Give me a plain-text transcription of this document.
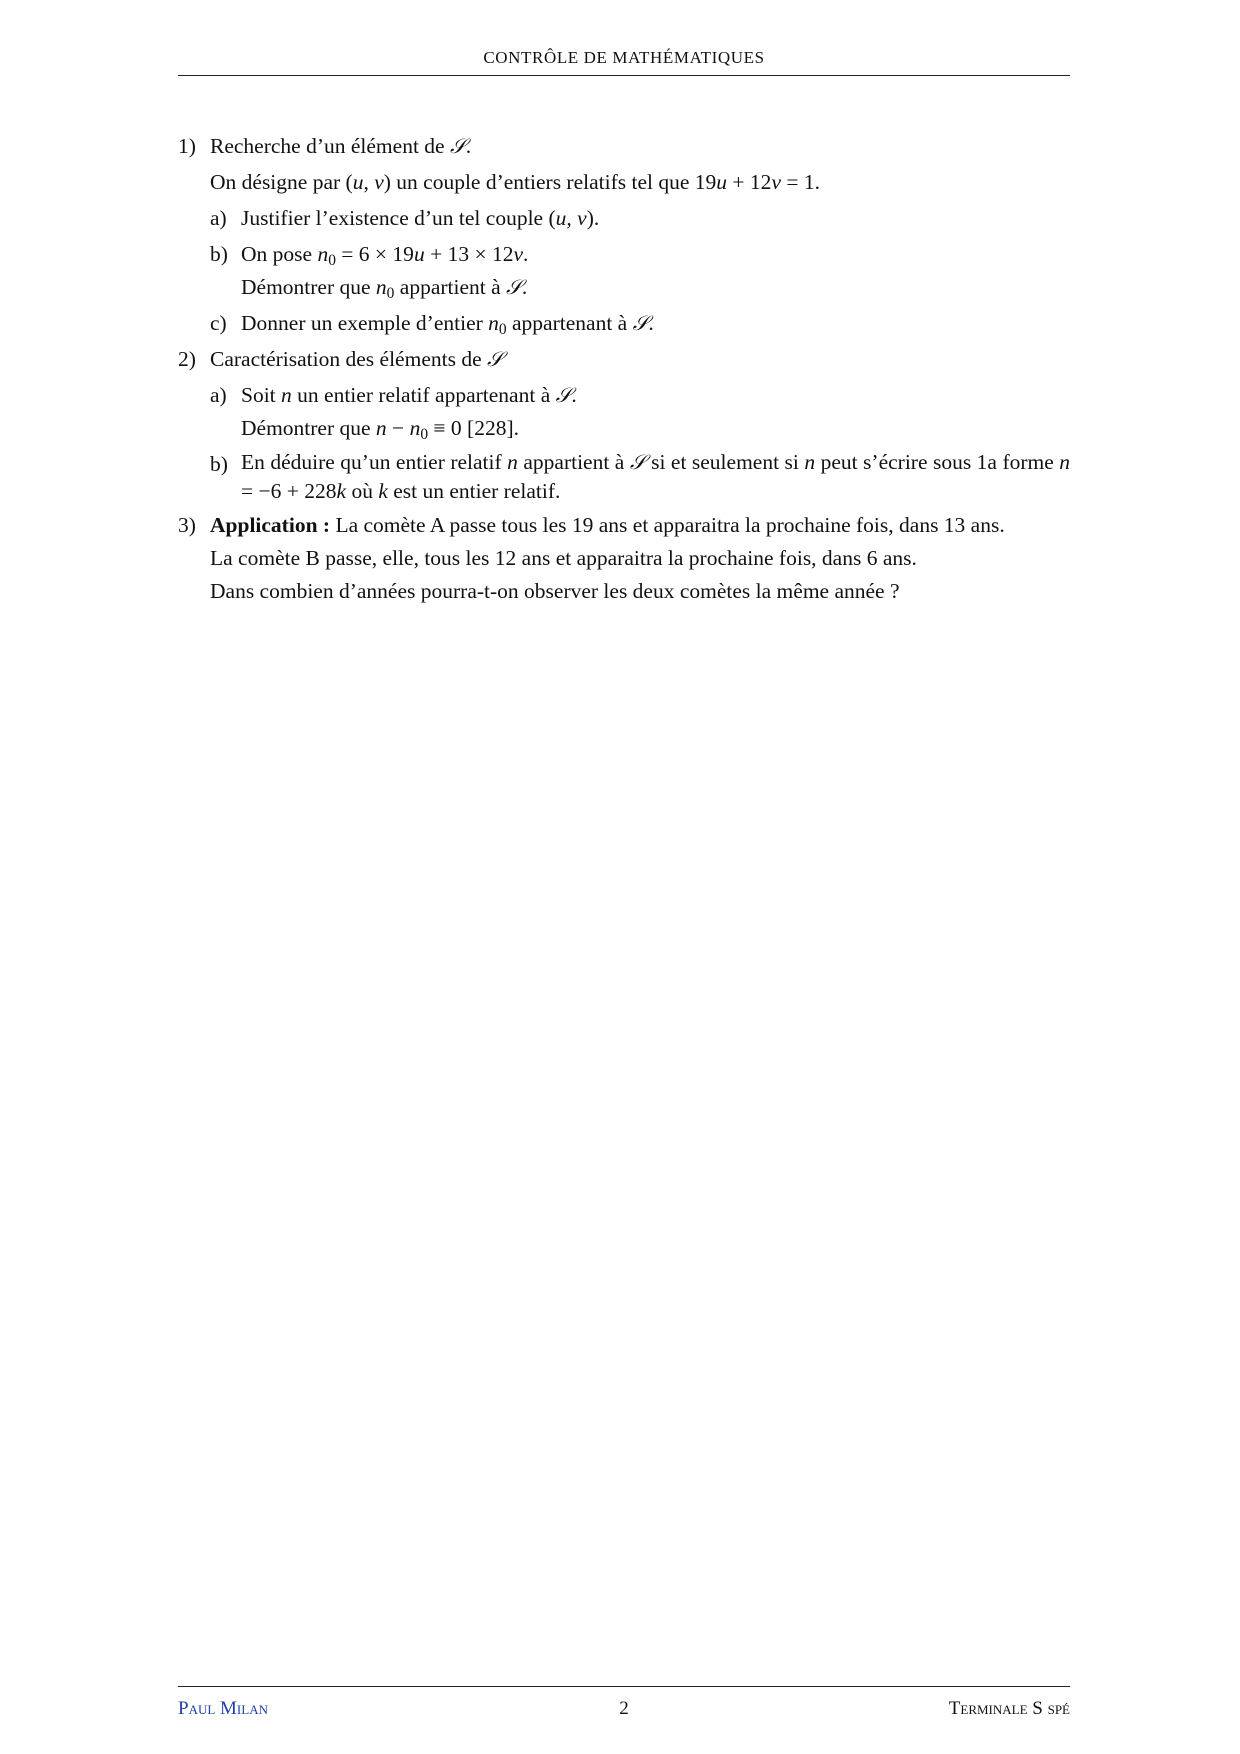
CONTRÔLE DE MATHÉMATIQUES
1) Recherche d’un élément de 𝒮.
On désigne par (u, v) un couple d’entiers relatifs tel que 19u + 12v = 1.
a) Justifier l’existence d’un tel couple (u, v).
b) On pose $n_0 = 6 \times 19u + 13 \times 12v$.
Démontrer que $n_0$ appartient à 𝒮.
c) Donner un exemple d’entier $n_0$ appartenant à 𝒮.
2) Caractérisation des éléments de 𝒮
a) Soit n un entier relatif appartenant à 𝒮.
Démontrer que $n - n_0 \equiv 0$ [228].
b) En déduire qu’un entier relatif n appartient à 𝒮 si et seulement si n peut s’écrire sous 1a forme n = −6 + 228k où k est un entier relatif.
3) Application : La comète A passe tous les 19 ans et apparaitra la prochaine fois, dans 13 ans.
La comète B passe, elle, tous les 12 ans et apparaitra la prochaine fois, dans 6 ans.
Dans combien d’années pourra-t-on observer les deux comètes la même année ?
Paul Milan	2	Terminale S spé
